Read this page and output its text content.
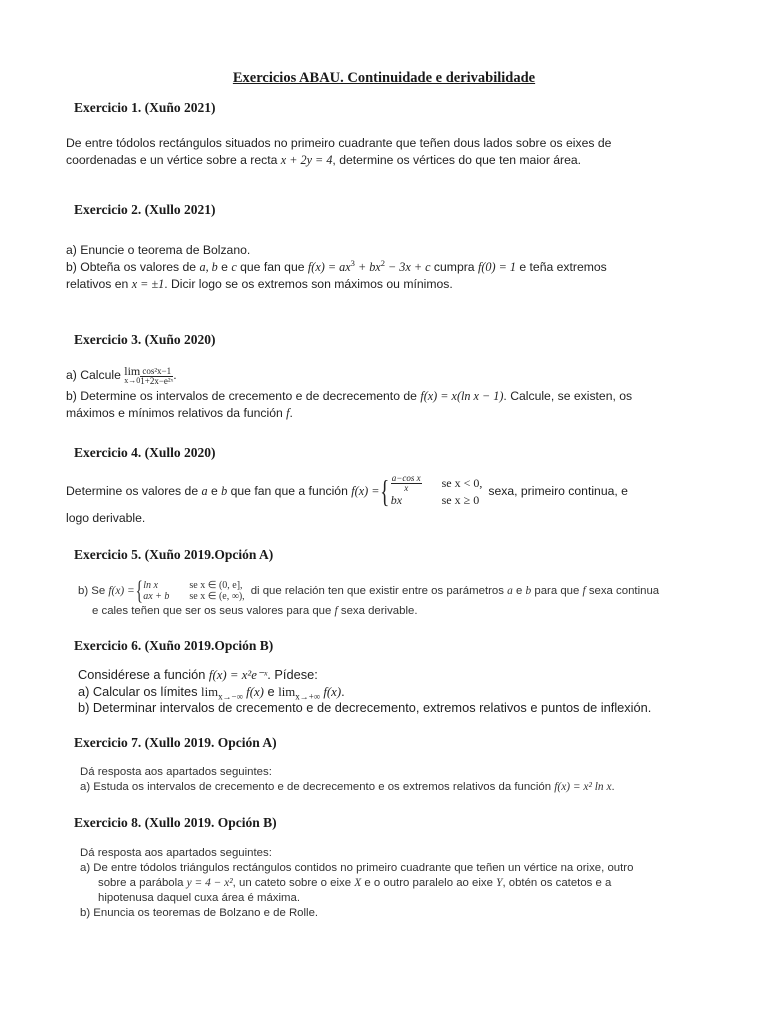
Exercicios ABAU. Continuidade e derivabilidade
Exercicio 1. (Xuño 2021)
De entre tódolos rectángulos situados no primeiro cuadrante que teñen dous lados sobre os eixes de
coordenadas e un vértice sobre a recta x + 2y = 4, determine os vértices do que ten maior área.
Exercicio 2. (Xullo 2021)
a) Enuncie o teorema de Bolzano.
b) Obteña os valores de a, b e c que fan que $f(x) = ax^3 + bx^2 - 3x + c$ cumpra f(0) = 1 e teña extremos
relativos en x = ±1. Dicir logo se os extremos son máximos ou mínimos.
Exercicio 3. (Xuño 2020)
a) Calcule lim
$x\to 0 \frac{\text{cos²x−1}}{\text{1+2x−e²ˣ}}$ .
b) Determine os intervalos de crecemento e de decrecemento de f(x) = x(ln x − 1). Calcule, se existen, os
máximos e mínimos relativos da función f.
Exercicio 4. (Xullo 2020)
Determine os valores de a e b que fan que a función f(x) ={ $\frac{\text{a−cos x}}{x}$	se x < 0,
bx	se x ≥ 0sexa, primeiro continua, e
logo derivable.
Exercicio 5. (Xuño 2019.Opción A)
b) Se f(x) ={ ln x	se x ∈ (0, e],
ax + b	se x ∈ (e, ∞), di que relación ten que existir entre os parámetros a e b para que f sexa continua
e cales teñen que ser os seus valores para que f sexa derivable.
Exercicio 6. (Xuño 2019.Opción B)
Considérese a función f(x) = x²e⁻ˣ. Pídese:
a) Calcular os límites $\lim_{x\to-\infty} f(x)$ e $\lim_{x\to+\infty} f(x)$.
b) Determinar intervalos de crecemento e de decrecemento, extremos relativos e puntos de inflexión.
Exercicio 7. (Xullo 2019. Opción A)
Dá resposta aos apartados seguintes:
a) Estuda os intervalos de crecemento e de decrecemento e os extremos relativos da función f(x) = x² ln x.
Exercicio 8. (Xullo 2019. Opción B)
Dá resposta aos apartados seguintes:
a) De entre tódolos triángulos rectángulos contidos no primeiro cuadrante que teñen un vértice na orixe, outro
sobre a parábola y = 4 − x², un cateto sobre o eixe X e o outro paralelo ao eixe Y, obtén os catetos e a
hipotenusa daquel cuxa área é máxima.
b) Enuncia os teoremas de Bolzano e de Rolle.
